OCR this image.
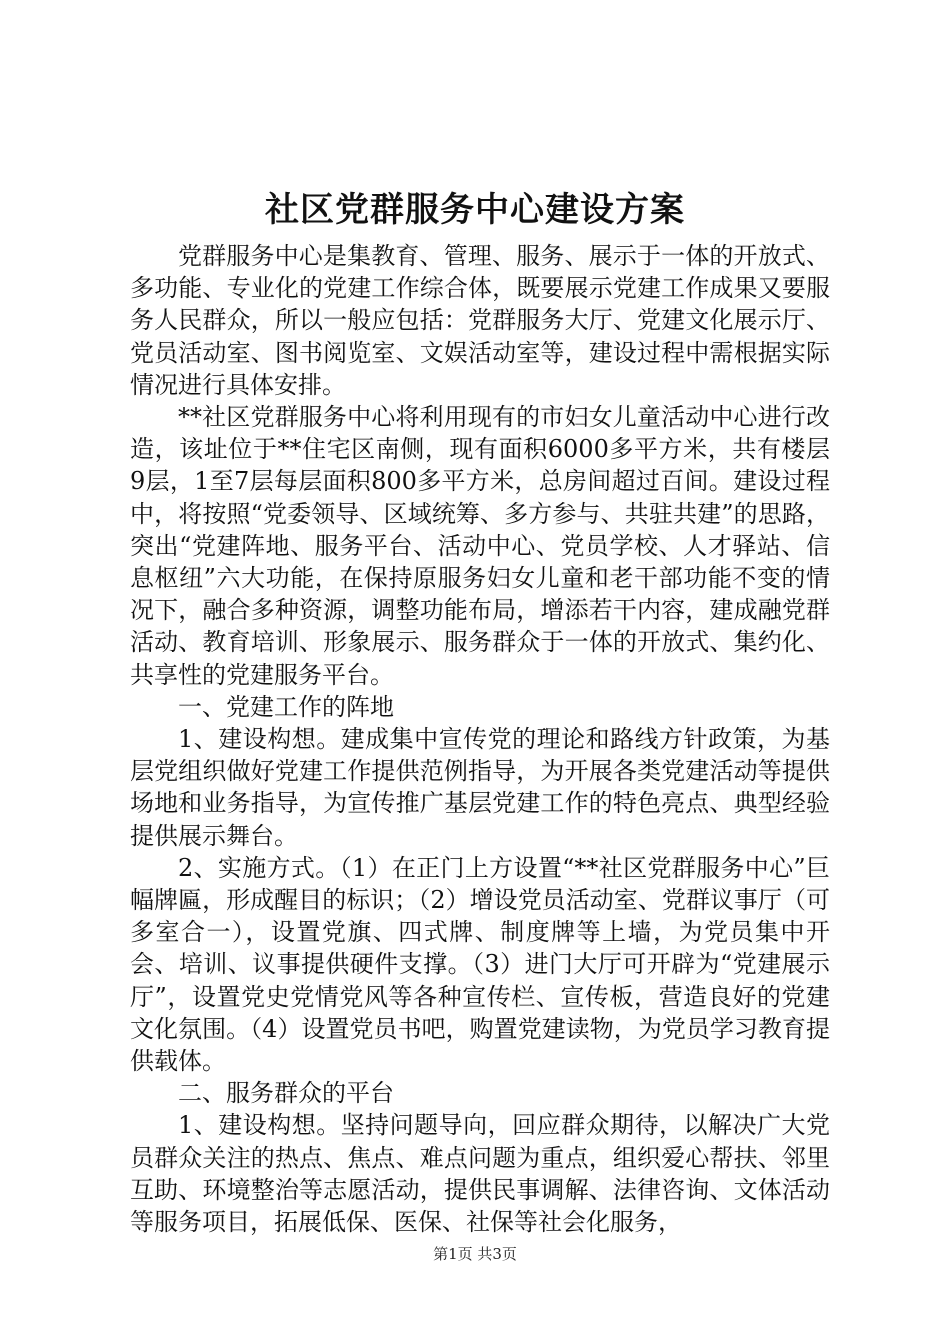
社区党群服务中心建设方案

党群服务中心是集教育、管理、服务、展示于一体的开放式、多功能、专业化的党建工作综合体，既要展示党建工作成果又要服务人民群众，所以一般应包括：党群服务大厅、党建文化展示厅、党员活动室、图书阅览室、文娱活动室等，建设过程中需根据实际情况进行具体安排。

**社区党群服务中心将利用现有的市妇女儿童活动中心进行改造，该址位于**住宅区南侧，现有面积6000多平方米，共有楼层9层，1至7层每层面积800多平方米，总房间超过百间。建设过程中，将按照“党委领导、区域统筹、多方参与、共驻共建”的思路，突出“党建阵地、服务平台、活动中心、党员学校、人才驿站、信息枢纽”六大功能，在保持原服务妇女儿童和老干部功能不变的情况下，融合多种资源，调整功能布局，增添若干内容，建成融党群活动、教育培训、形象展示、服务群众于一体的开放式、集约化、共享性的党建服务平台。

一、党建工作的阵地

1、建设构想。建成集中宣传党的理论和路线方针政策，为基层党组织做好党建工作提供范例指导，为开展各类党建活动等提供场地和业务指导，为宣传推广基层党建工作的特色亮点、典型经验提供展示舞台。

2、实施方式。（1）在正门上方设置“**社区党群服务中心”巨幅牌匾，形成醒目的标识；（2）增设党员活动室、党群议事厅（可多室合一），设置党旗、四式牌、制度牌等上墙，为党员集中开会、培训、议事提供硬件支撑。（3）进门大厅可开辟为“党建展示厅”，设置党史党情党风等各种宣传栏、宣传板，营造良好的党建文化氛围。（4）设置党员书吧，购置党建读物，为党员学习教育提供载体。

二、服务群众的平台

1、建设构想。坚持问题导向，回应群众期待，以解决广大党员群众关注的热点、焦点、难点问题为重点，组织爱心帮扶、邻里互助、环境整治等志愿活动，提供民事调解、法律咨询、文体活动等服务项目，拓展低保、医保、社保等社会化服务，

第1页 共3页
